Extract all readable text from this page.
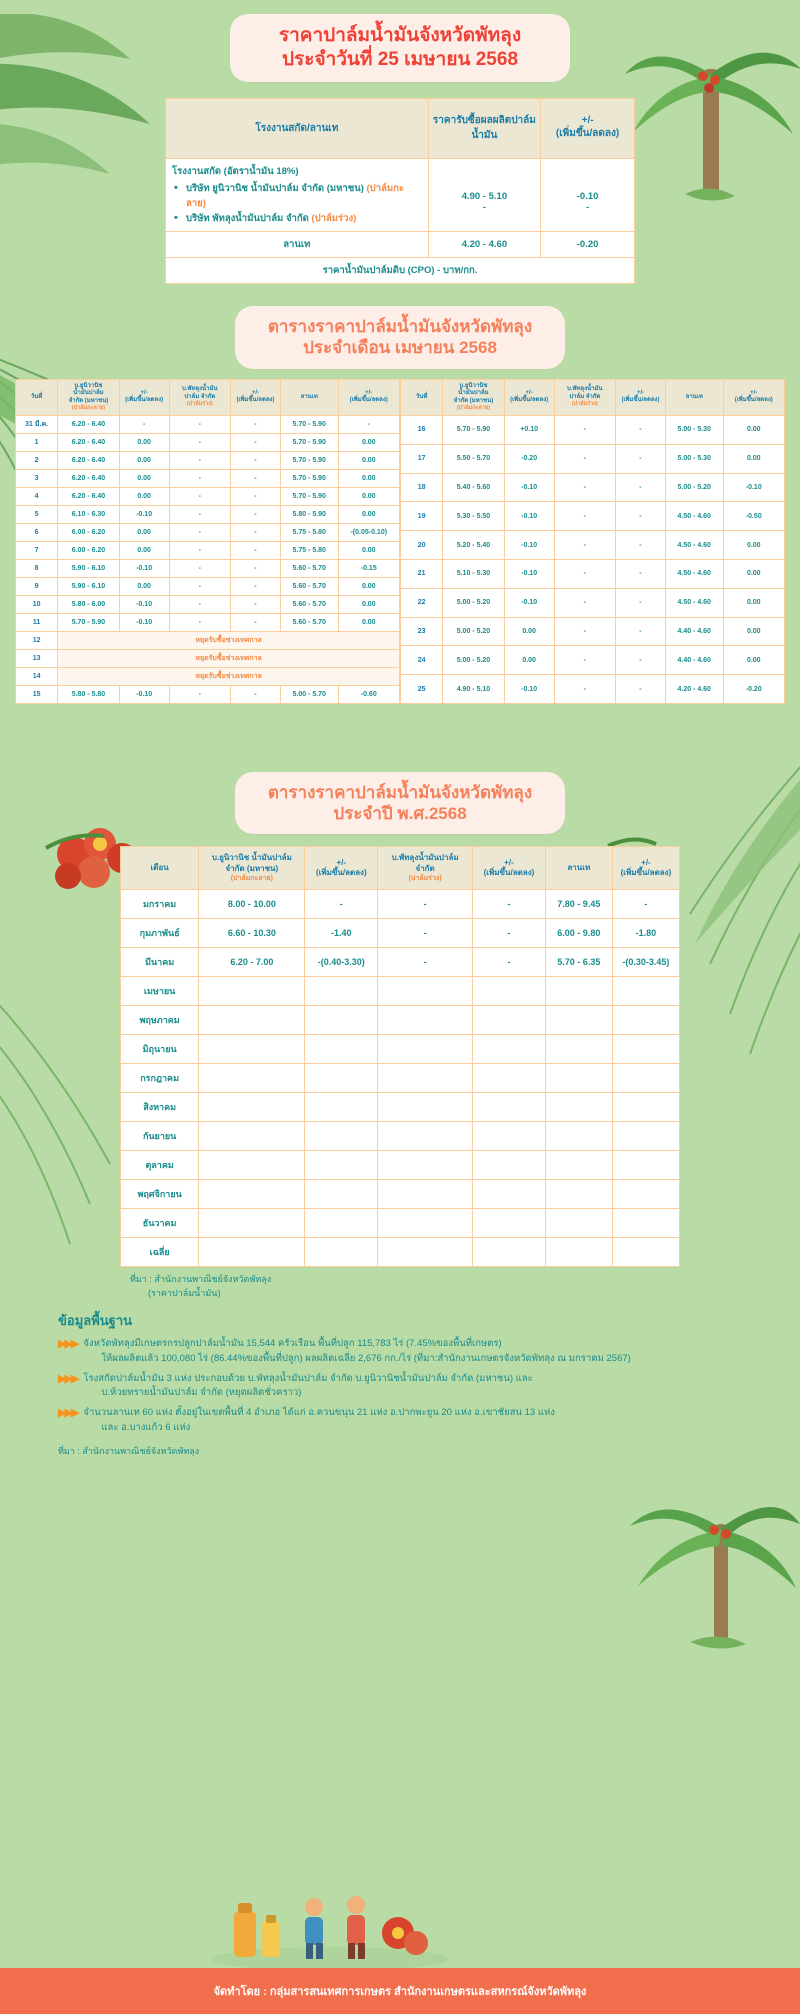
ราคาปาล์มน้ำมันจังหวัดพัทลุง
ประจำวันที่ 25 เมษายน 2568
โรงงานสกัด/ลานเท	ราคารับซื้อผลผลิตปาล์มน้ำมัน	+/-
(เพิ่มขึ้น/ลดลง)

โรงงานสกัด (อัตราน้ำมัน 18%)
• บริษัท ยูนิวานิช น้ำมันปาล์ม จำกัด (มหาชน) (ปาล์มกะลาย)
• บริษัท พัทลุงน้ำมันปาล์ม จำกัด (ปาล์มร่วง)

4.90 - 5.10
-

-0.10
-

ลานเท	4.20 - 4.60	-0.20
ราคาน้ำมันปาล์มดิบ (CPO) - บาท/กก.		
ตารางราคาปาล์มน้ำมันจังหวัดพัทลุง
ประจำเดือน เมษายน 2568
วันที่	บ.ยูนิวานิช
น้ำมันปาล์ม
จำกัด (มหาชน)
(ปาล์มกะลาย)	+/-
(เพิ่มขึ้น/ลดลง)	บ.พัทลุงน้ำมัน
ปาล์ม จำกัด
(ปาล์มร่วง)	+/-
(เพิ่มขึ้น/ลดลง)	ลานเท	+/-
(เพิ่มขึ้น/ลดลง)
31 มี.ค.	6.20 - 6.40	-	-	-	5.70 - 5.90	-
1	6.20 - 6.40	0.00	-	-	5.70 - 5.90	0.00
2	6.20 - 6.40	0.00	-	-	5.70 - 5.90	0.00
3	6.20 - 6.40	0.00	-	-	5.70 - 5.90	0.00
4	6.20 - 6.40	0.00	-	-	5.70 - 5.90	0.00
5	6.10 - 6.30	-0.10	-	-	5.80 - 5.90	0.00
6	6.00 - 6.20	0.00	-	-	5.75 - 5.80	-(0.05-0.10)
7	6.00 - 6.20	0.00	-	-	5.75 - 5.80	0.00
8	5.90 - 6.10	-0.10	-	-	5.60 - 5.70	-0.15
9	5.90 - 6.10	0.00	-	-	5.60 - 5.70	0.00
10	5.80 - 6.00	-0.10	-	-	5.60 - 5.70	0.00
11	5.70 - 5.90	-0.10	-	-	5.60 - 5.70	0.00
12	หยุดรับซื้อช่วงเทศกาล					
13	หยุดรับซื้อช่วงเทศกาล					
14	หยุดรับซื้อช่วงเทศกาล					
15	5.80 - 5.80	-0.10	-	-	5.00 - 5.70	-0.60
วันที่	บ.ยูนิวานิช
น้ำมันปาล์ม
จำกัด (มหาชน)
(ปาล์มกะลาย)	+/-
(เพิ่มขึ้น/ลดลง)	บ.พัทลุงน้ำมัน
ปาล์ม จำกัด
(ปาล์มร่วง)	+/-
(เพิ่มขึ้น/ลดลง)	ลานเท	+/-
(เพิ่มขึ้น/ลดลง)
16	5.70 - 5.90	+0.10	-	-	5.00 - 5.30	0.00
17	5.50 - 5.70	-0.20	-	-	5.00 - 5.30	0.00
18	5.40 - 5.60	-0.10	-	-	5.00 - 5.20	-0.10
19	5.30 - 5.50	-0.10	-	-	4.50 - 4.60	-0.50
20	5.20 - 5.40	-0.10	-	-	4.50 - 4.60	0.00
21	5.10 - 5.30	-0.10	-	-	4.50 - 4.60	0.00
22	5.00 - 5.20	-0.10	-	-	4.50 - 4.60	0.00
23	5.00 - 5.20	0.00	-	-	4.40 - 4.60	0.00
24	5.00 - 5.20	0.00	-	-	4.40 - 4.60	0.00
25	4.90 - 5.10	-0.10	-	-	4.20 - 4.60	-0.20
ตารางราคาปาล์มน้ำมันจังหวัดพัทลุง
ประจำปี พ.ศ.2568
เดือน	บ.ยูนิวานิช น้ำมันปาล์ม
จำกัด (มหาชน)
(ปาล์มกะลาย)	+/-
(เพิ่มขึ้น/ลดลง)	บ.พัทลุงน้ำมันปาล์ม
จำกัด
(ปาล์มร่วง)	+/-
(เพิ่มขึ้น/ลดลง)	ลานเท	+/-
(เพิ่มขึ้น/ลดลง)
มกราคม	8.00 - 10.00	-	-	-	7.80 - 9.45	-
กุมภาพันธ์	6.60 - 10.30	-1.40	-	-	6.00 - 9.80	-1.80
มีนาคม	6.20 - 7.00	-(0.40-3.30)	-	-	5.70 - 6.35	-(0.30-3.45)
เมษายน						
พฤษภาคม						
มิถุนายน						
กรกฎาคม						
สิงหาคม						
กันยายน						
ตุลาคม						
พฤศจิกายน						
ธันวาคม						
เฉลี่ย						
ที่มา : สำนักงานพาณิชย์จังหวัดพัทลุง
(ราคาปาล์มน้ำมัน)
ข้อมูลพื้นฐาน
▶▶▶ จังหวัดพัทลุงมีเกษตรกรปลูกปาล์มน้ำมัน 15,544 ครัวเรือน พื้นที่ปลูก 115,783 ไร่ (7.45%ของพื้นที่เกษตร)
ให้ผลผลิตแล้ว 100,080 ไร่ (86.44%ของพื้นที่ปลูก) ผลผลิตเฉลี่ย 2,676 กก./ไร่ (ที่มา:สำนักงานเกษตรจังหวัดพัทลุง ณ มกราคม 2567)
▶▶▶ โรงสกัดปาล์มน้ำมัน 3 แห่ง ประกอบด้วย บ.พัทลุงน้ำมันปาล์ม จำกัด บ.ยูนิวานิชน้ำมันปาล์ม จำกัด (มหาชน) และ
บ.ห้วยทรายน้ำมันปาล์ม จำกัด (หยุดผลิตชั่วคราว)
▶▶▶ จำนวนลานเท 60 แห่ง ตั้งอยู่ในเขตพื้นที่ 4 อำเภอ ได้แก่ อ.ควนขนุน 21 แห่ง อ.ปากพะยูน 20 แห่ง อ.เขาชัยสน 13 แห่ง
และ อ.บางแก้ว 6 แห่ง
ที่มา : สำนักงานพาณิชย์จังหวัดพัทลุง
จัดทำโดย : กลุ่มสารสนเทศการเกษตร สำนักงานเกษตรและสหกรณ์จังหวัดพัทลุง
